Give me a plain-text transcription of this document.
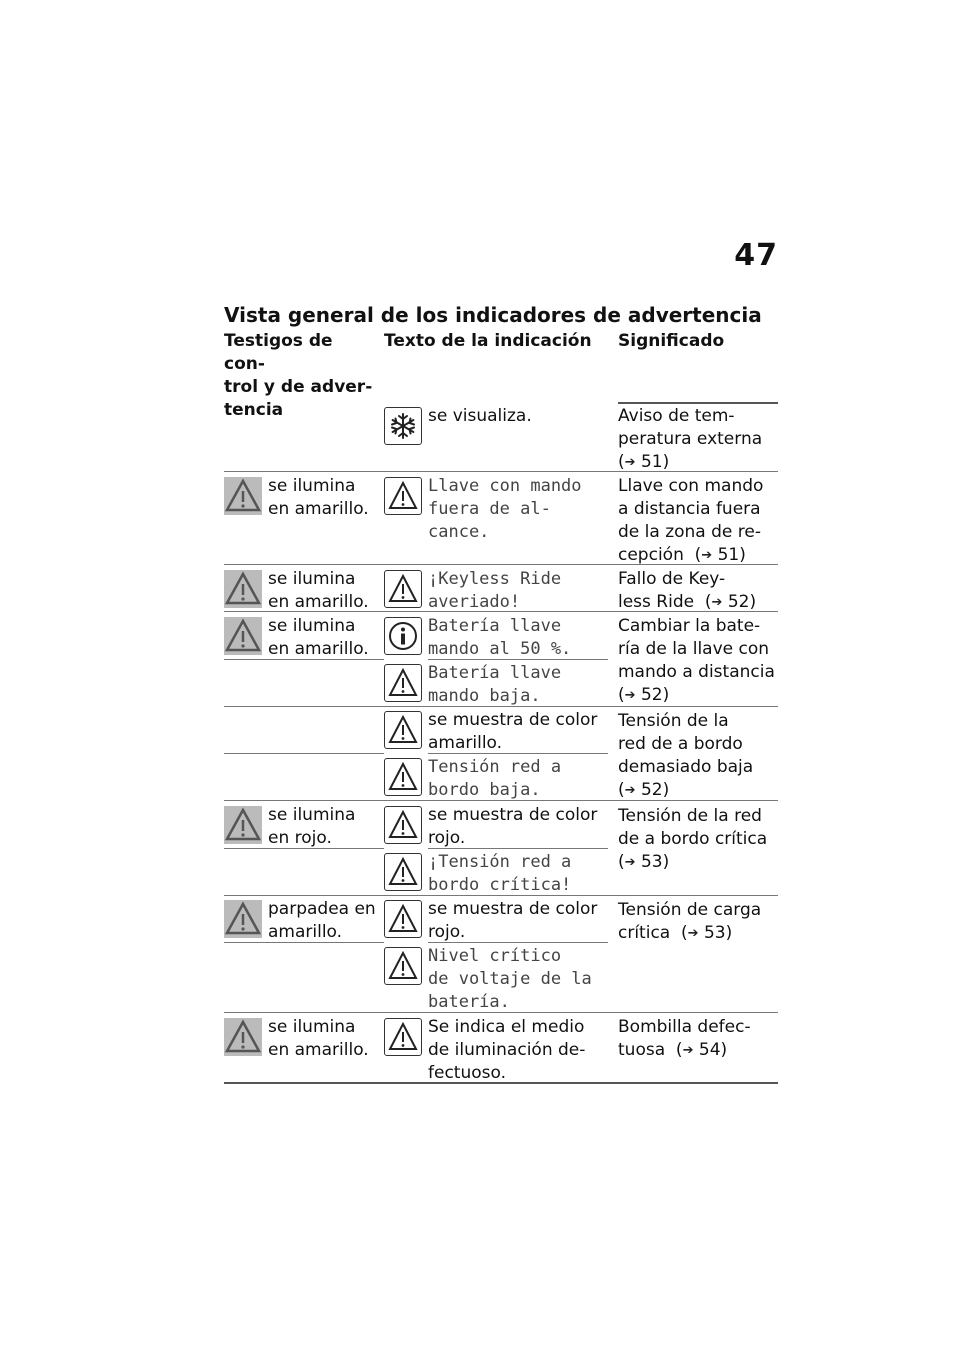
47
Vista general de los indicadores de advertencia
Testigos de con-
trol y de adver-
tencia
Texto de la indicación	Significado
se visualiza.	Aviso de tem-
peratura externa
(➔ 51)
se ilumina en amarillo.
Llave con mando
fuera de al-
cance.
Llave con mando
a distancia fuera
de la zona de re-
cepción  (➔ 51)
se ilumina en amarillo.
¡Keyless Ride
averiado!
Fallo de Key-
less Ride  (➔ 52)
se ilumina en amarillo.
Batería llave
mando al 50 %.
Cambiar la bate-
ría de la llave con
mando a distancia
(➔ 52)
Batería llave
mando baja.
se muestra de color amarillo.
Tensión de la
red de a bordo
demasiado baja
(➔ 52)
Tensión red a
bordo baja.
se ilumina en rojo.
se muestra de color rojo.
Tensión de la red
de a bordo crítica
(➔ 53)
¡Tensión red a
bordo crítica!
parpadea en amarillo.
se muestra de color rojo.
Tensión de carga
crítica  (➔ 53)
Nivel crítico
de voltaje de la
batería.
se ilumina en amarillo.
Se indica el medio
de iluminación de-
fectuoso.
Bombilla defec-
tuosa  (➔ 54)
